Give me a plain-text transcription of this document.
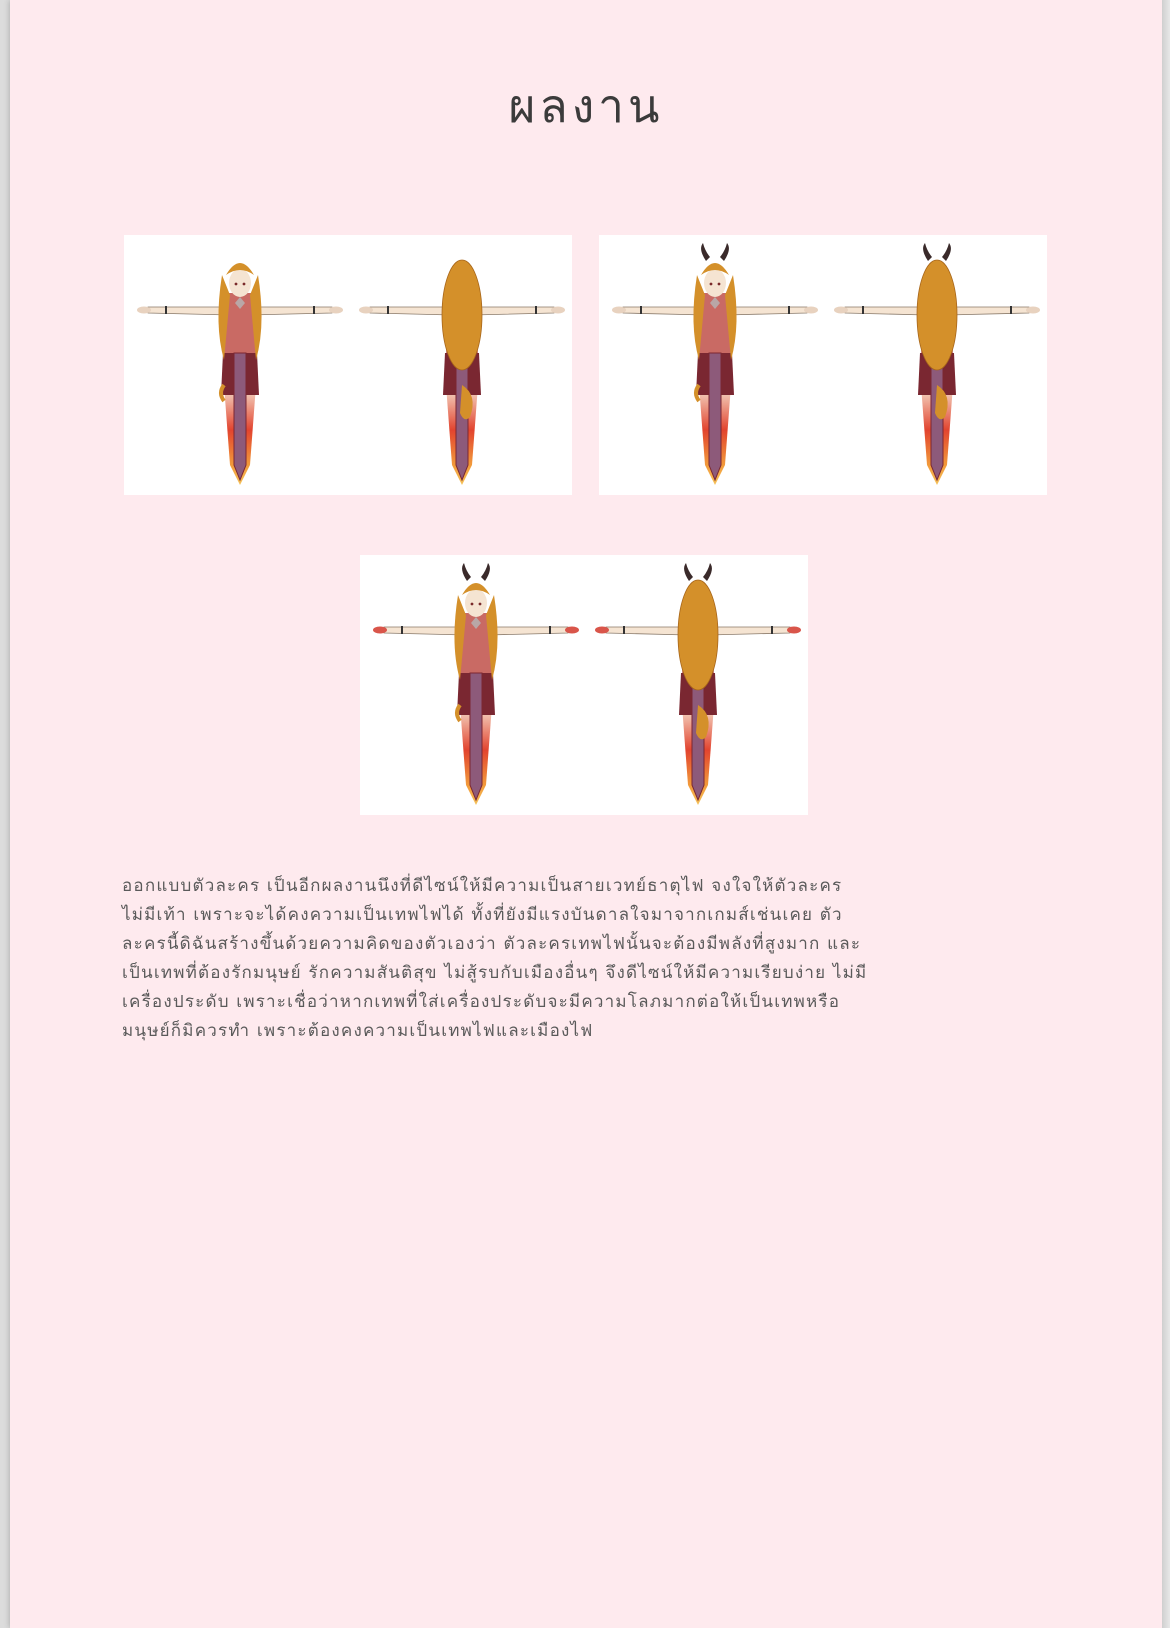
ผลงาน

ออกแบบตัวละคร เป็นอีกผลงานนึงที่ดีไซน์ให้มีความเป็นสายเวทย์ธาตุไฟ จงใจให้ตัวละคร

ไม่มีเท้า เพราะจะได้คงความเป็นเทพไฟได้ ทั้งที่ยังมีแรงบันดาลใจมาจากเกมส์เช่นเคย ตัว

ละครนี้ดิฉันสร้างขึ้นด้วยความคิดของตัวเองว่า ตัวละครเทพไฟนั้นจะต้องมีพลังที่สูงมาก และ

เป็นเทพที่ต้องรักมนุษย์ รักความสันติสุข ไม่สู้รบกับเมืองอื่นๆ จึงดีไซน์ให้มีความเรียบง่าย ไม่มี

เครื่องประดับ เพราะเชื่อว่าหากเทพที่ใส่เครื่องประดับจะมีความโลภมากต่อให้เป็นเทพหรือ

มนุษย์ก็มิควรทำ เพราะต้องคงความเป็นเทพไฟและเมืองไฟ
